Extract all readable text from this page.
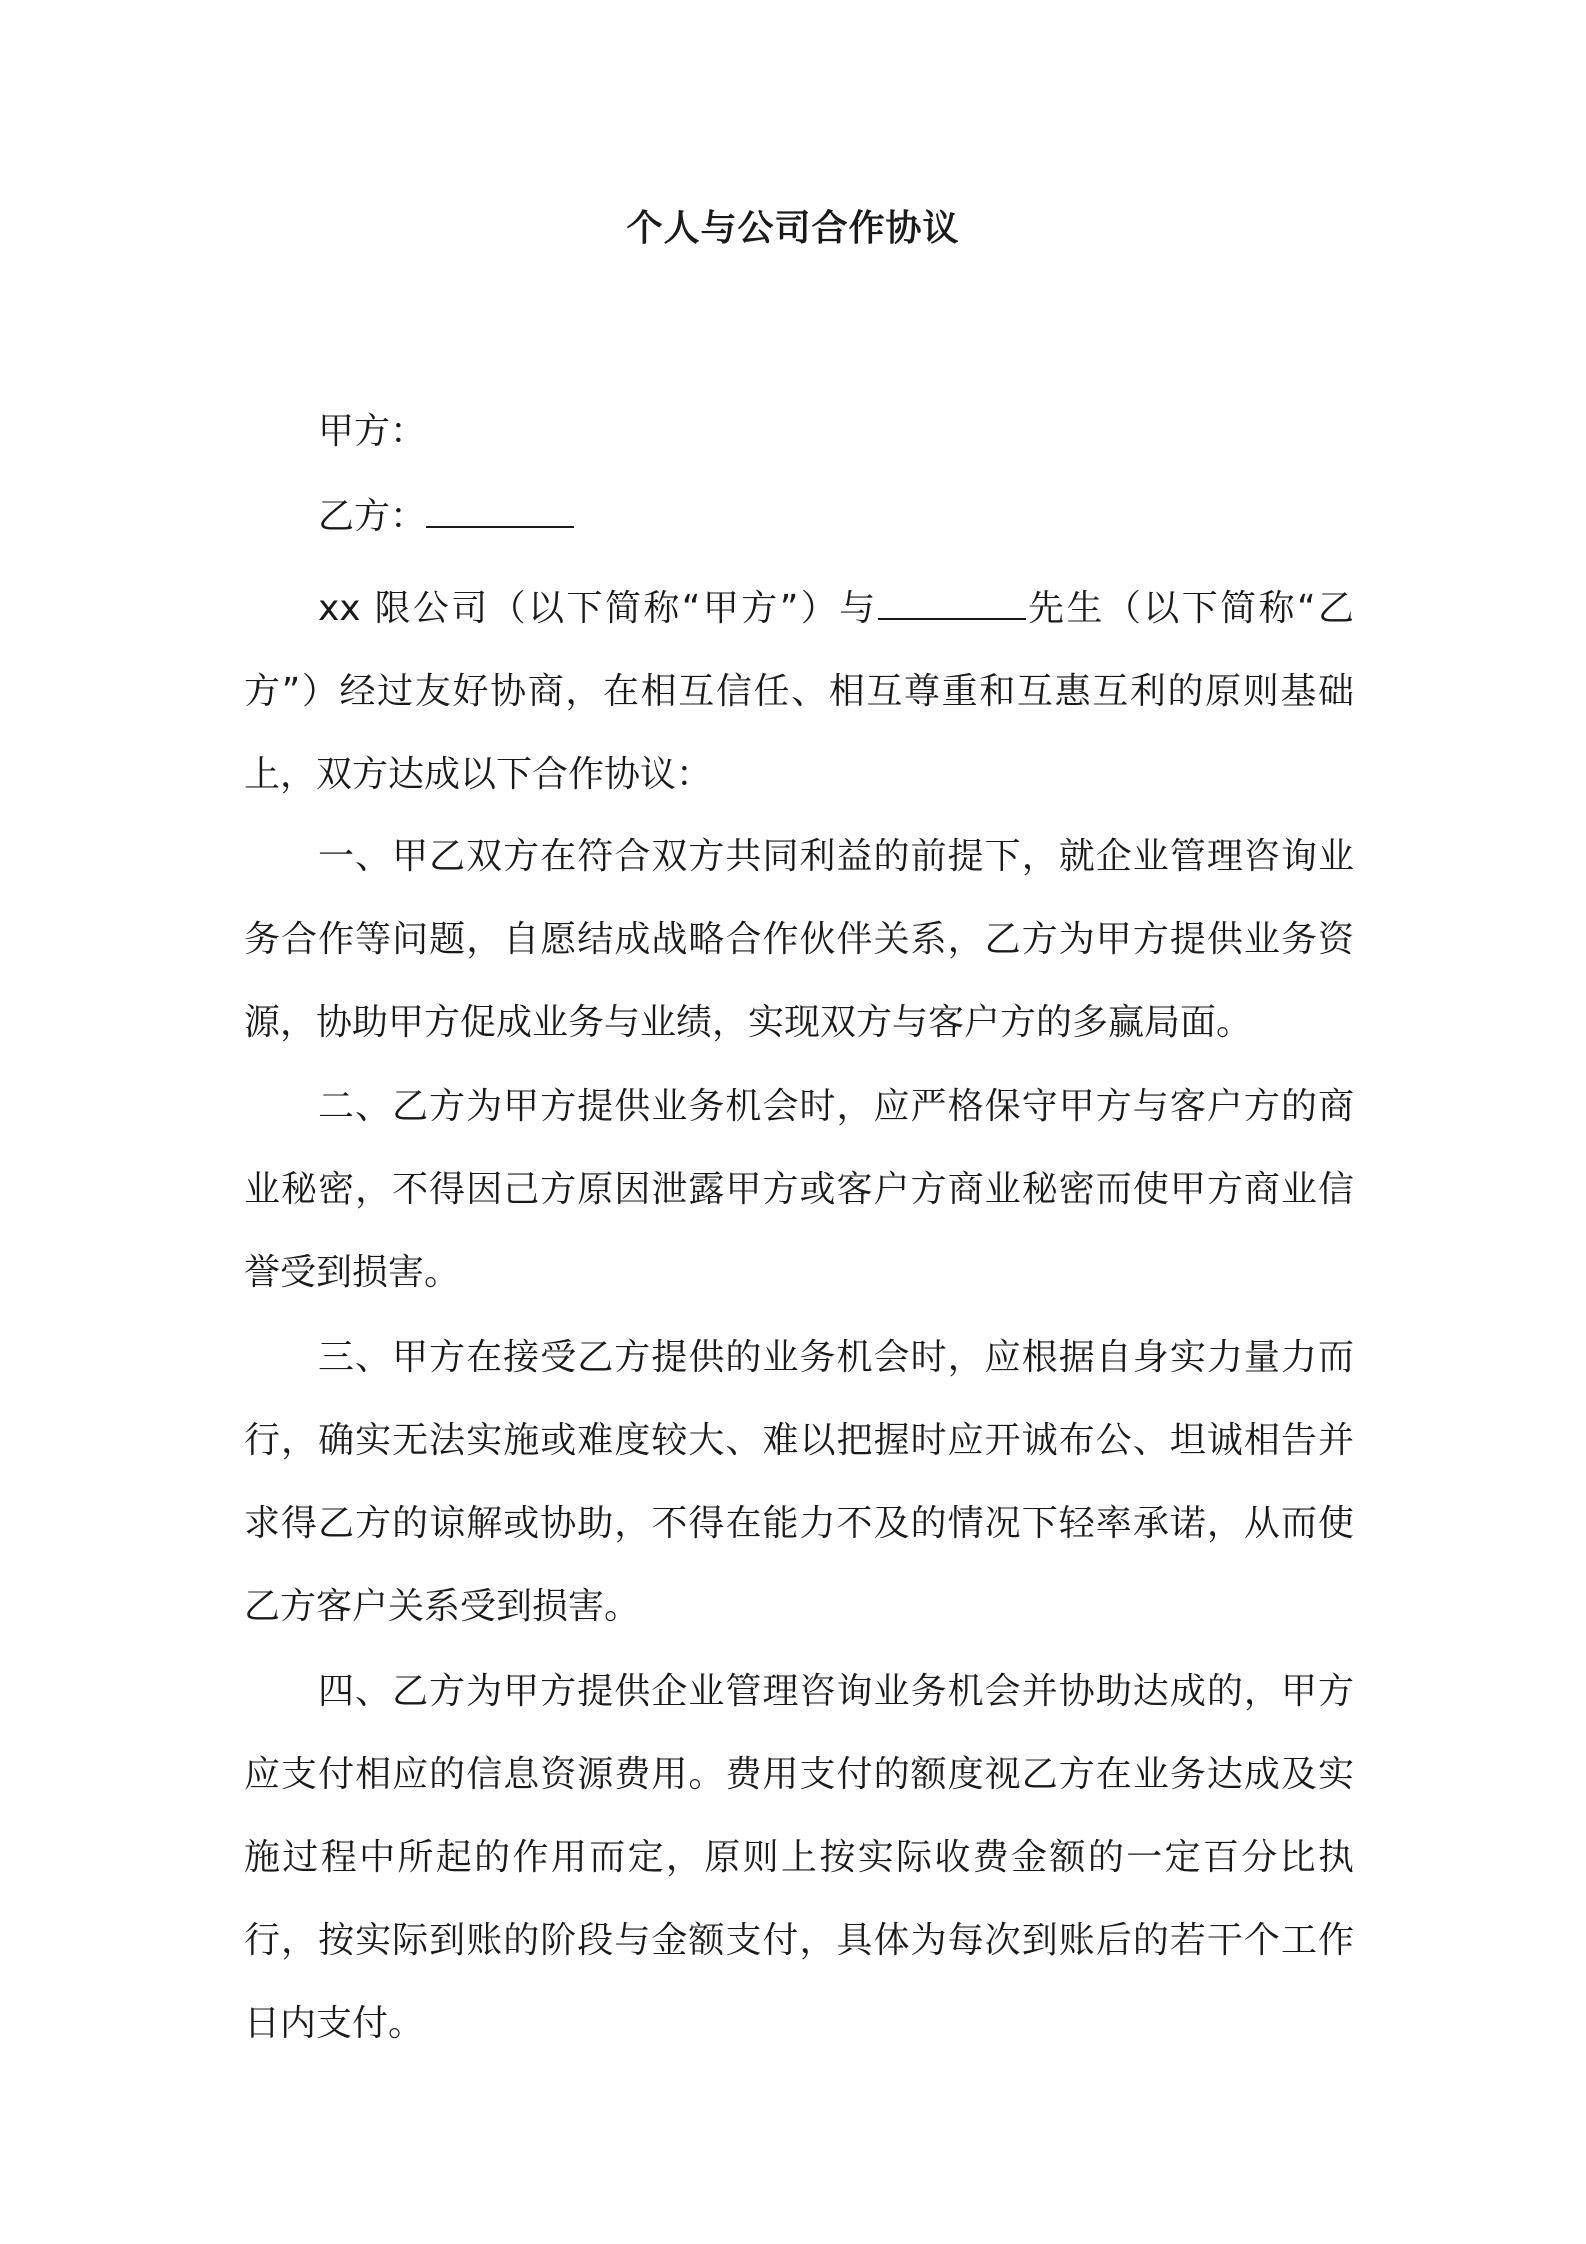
个人与公司合作协议
甲方：
乙方：
xx 限公司（以下简称“甲方”）与	先生（以下简称“乙方”）经过友好协商，在相互信任、相互尊重和互惠互利的原则基础上，双方达成以下合作协议：
一、甲乙双方在符合双方共同利益的前提下，就企业管理咨询业务合作等问题，自愿结成战略合作伙伴关系，乙方为甲方提供业务资源，协助甲方促成业务与业绩，实现双方与客户方的多赢局面。
二、乙方为甲方提供业务机会时，应严格保守甲方与客户方的商业秘密，不得因己方原因泄露甲方或客户方商业秘密而使甲方商业信誉受到损害。
三、甲方在接受乙方提供的业务机会时，应根据自身实力量力而行，确实无法实施或难度较大、难以把握时应开诚布公、坦诚相告并求得乙方的谅解或协助，不得在能力不及的情况下轻率承诺，从而使乙方客户关系受到损害。
四、乙方为甲方提供企业管理咨询业务机会并协助达成的，甲方应支付相应的信息资源费用。费用支付的额度视乙方在业务达成及实施过程中所起的作用而定，原则上按实际收费金额的一定百分比执行，按实际到账的阶段与金额支付，具体为每次到账后的若干个工作日内支付。
